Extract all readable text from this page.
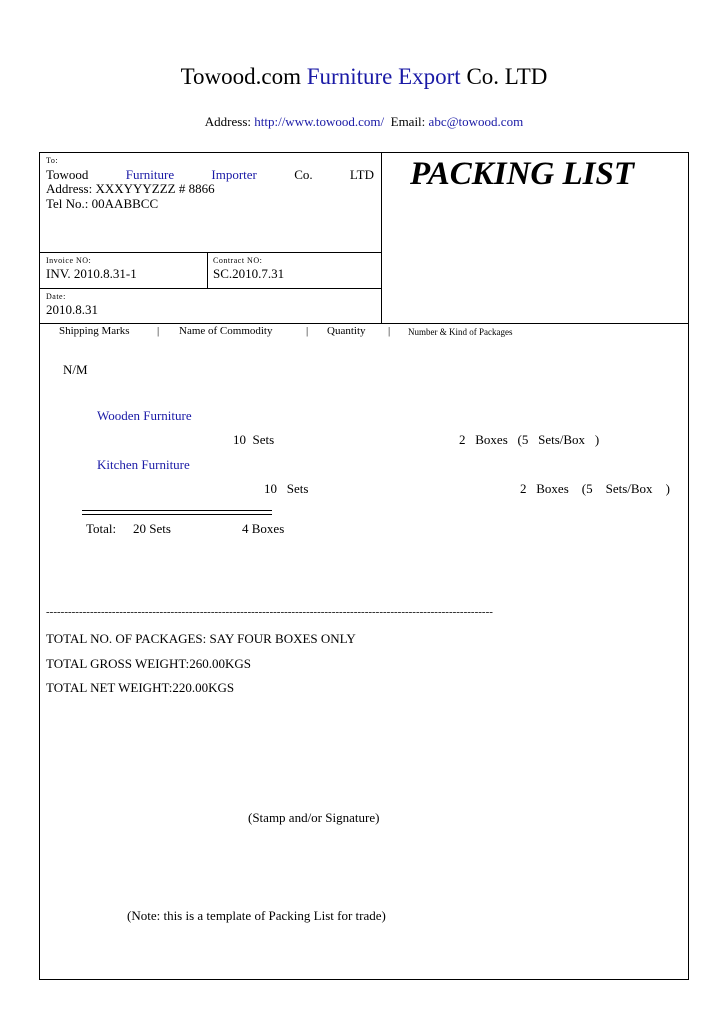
Towood.com Furniture Export Co. LTD
Address: http://www.towood.com/ Email: abc@towood.com
To:
Towood	Furniture	Importer	Co.	LTD
Address: XXXYYYZZZ # 8866
Tel No.: 00AABBCC
PACKING LIST
Invoice NO:
INV. 2010.8.31-1
Contract NO:
SC.2010.7.31
Date:
2010.8.31
Shipping Marks | Name of Commodity	| Quantity | Number & Kind of Packages
N/M
Wooden Furniture
10 Sets	2 Boxes (5 Sets/Box )
Kitchen Furniture
10 Sets	2 Boxes (5 Sets/Box )
Total: 20 Sets	4 Boxes
--------------------------------------------------------------------------------------------------------------------------
TOTAL NO. OF PACKAGES: SAY FOUR BOXES ONLY
TOTAL GROSS WEIGHT:260.00KGS
TOTAL NET WEIGHT:220.00KGS
(Stamp and/or Signature)
(Note: this is a template of Packing List for trade)
